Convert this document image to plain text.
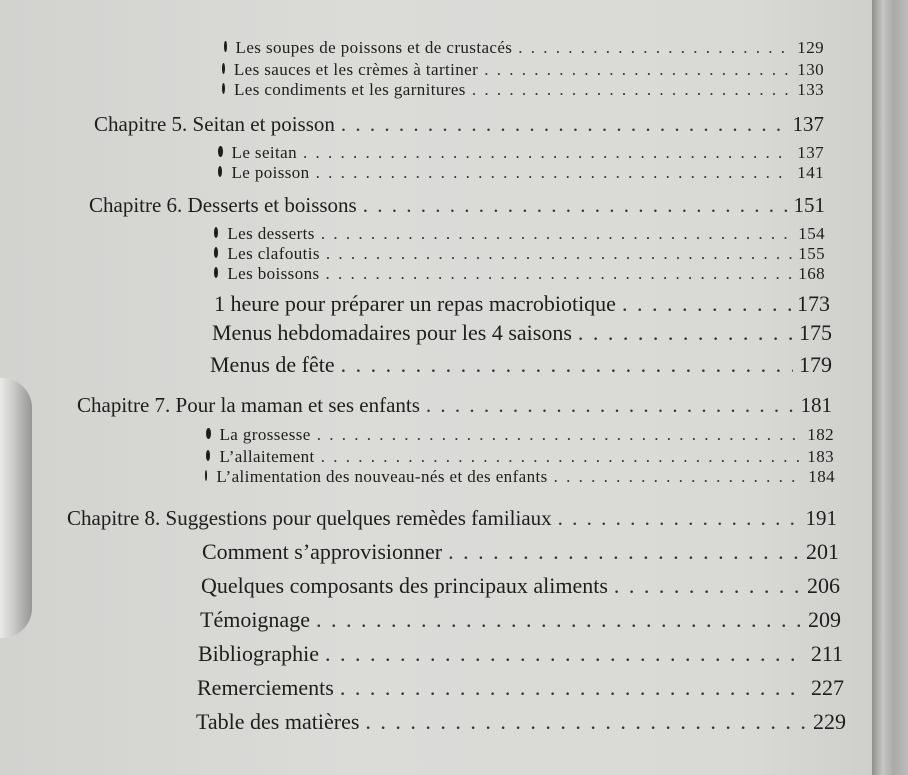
Les soupes de poissons et de crustacés . . .	129
Les sauces et les crèmes à tartiner . . .	130
Les condiments et les garnitures . . .	133
Chapitre 5. Seitan et poisson . . .	137
Le seitan . . .	137
Le poisson . . .	141
Chapitre 6. Desserts et boissons . . .	151
Les desserts . . .	154
Les clafoutis . . .	155
Les boissons . . .	168
1 heure pour préparer un repas macrobiotique . . .	173
Menus hebdomadaires pour les 4 saisons . . .	175
Menus de fête . . .	179
Chapitre 7. Pour la maman et ses enfants . . .	181
La grossesse . . .	182
L’allaitement . . .	183
L’alimentation des nouveau-nés et des enfants . . .	184
Chapitre 8. Suggestions pour quelques remèdes familiaux . . .	191
Comment s’approvisionner . . .	201
Quelques composants des principaux aliments . . .	206
Témoignage . . .	209
Bibliographie . . .	211
Remerciements . . .	227
Table des matières . . .	229
